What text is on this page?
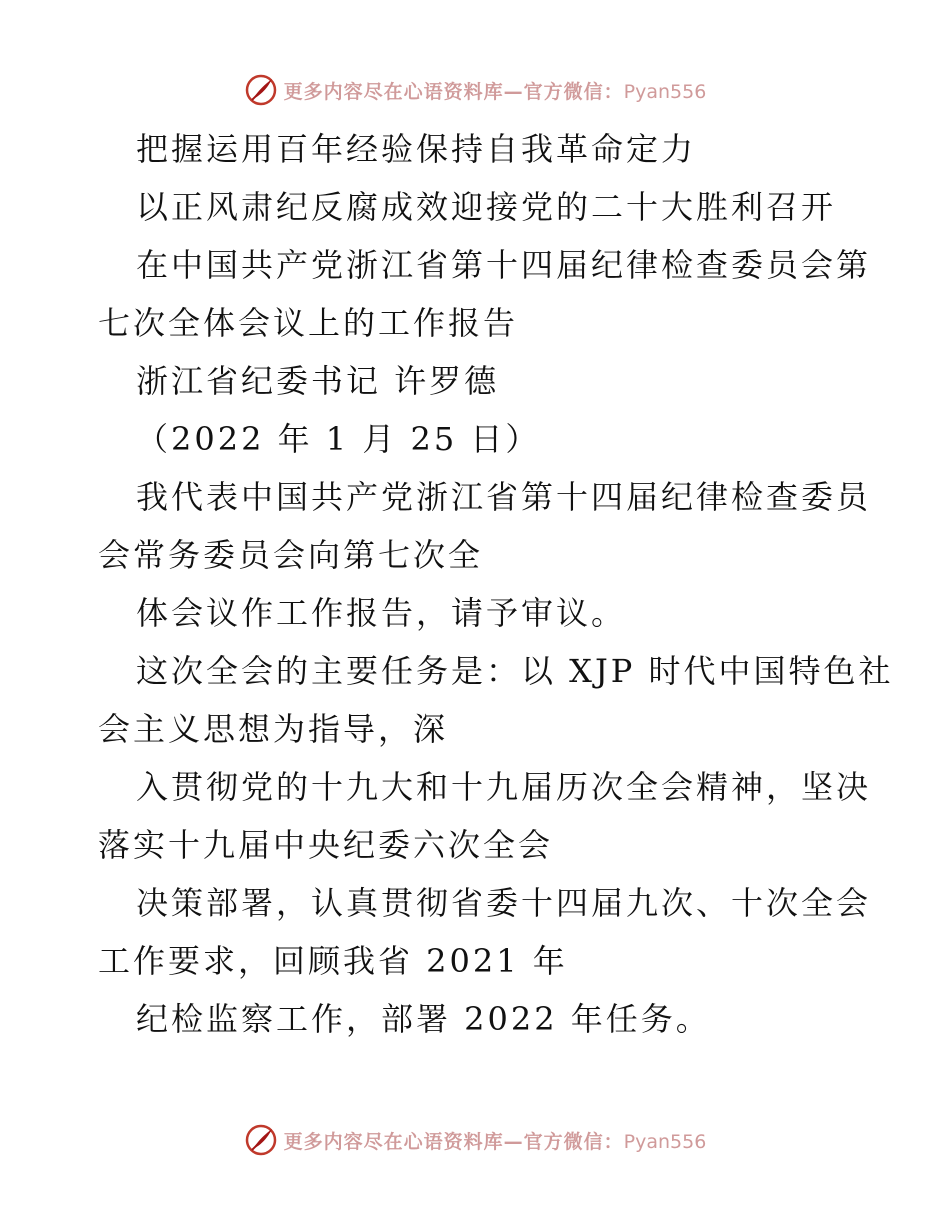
更多内容尽在心语资料库—官方微信：Pyan556
把握运用百年经验保持自我革命定力
以正风肃纪反腐成效迎接党的二十大胜利召开
在中国共产党浙江省第十四届纪律检查委员会第
七次全体会议上的工作报告
浙江省纪委书记 许罗德
（2022 年 1 月 25 日）
我代表中国共产党浙江省第十四届纪律检查委员
会常务委员会向第七次全
体会议作工作报告，请予审议。
这次全会的主要任务是：以 XJP 时代中国特色社
会主义思想为指导，深
入贯彻党的十九大和十九届历次全会精神，坚决
落实十九届中央纪委六次全会
决策部署，认真贯彻省委十四届九次、十次全会
工作要求，回顾我省 2021 年
纪检监察工作，部署 2022 年任务。
更多内容尽在心语资料库—官方微信：Pyan556
